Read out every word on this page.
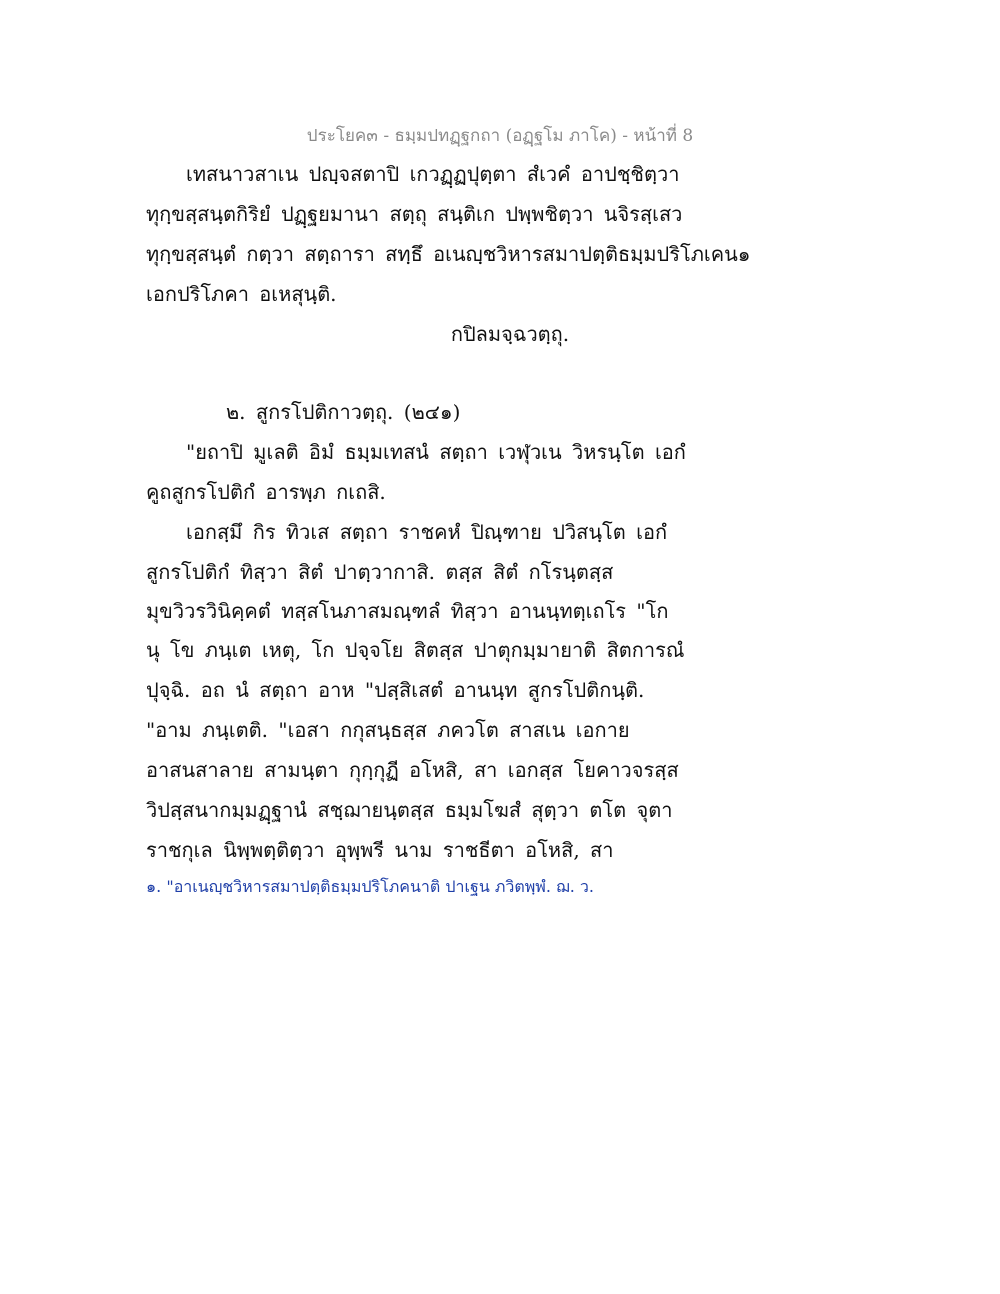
ประโยค๓ - ธมฺมปทฏฺฐกถา (อฏฺฐโม ภาโค) - หน้าที่ 8
เทสนาวสาเน ปญฺจสตาปิ เกวฏฺฏปุตฺตา สํเวคํ อาปชฺชิตฺวา
ทุกฺขสฺสนฺตกิริยํ ปฏฺฐยมานา สตฺถุ สนฺติเก ปพฺพชิตฺวา นจิรสฺเสว
ทุกฺขสฺสนฺตํ กตฺวา สตฺถารา สทฺธึ อเนญฺชวิหารสมาปตฺติธมฺมปริโภเคน๑
เอกปริโภคา อเหสุนฺติ.
กปิลมจฺฉวตฺถุ.
๒. สูกรโปติกาวตฺถุ. (๒๔๑)
"ยถาปิ มูเลติ อิมํ ธมฺมเทสนํ สตฺถา เวฬุวเน วิหรนฺโต เอกํ
คูถสูกรโปติกํ อารพฺภ กเถสิ.
เอกสฺมึ กิร ทิวเส สตฺถา ราชคหํ ปิณฺฑาย ปวิสนฺโต เอกํ
สูกรโปติกํ ทิสฺวา สิตํ ปาตฺวากาสิ. ตสฺส สิตํ กโรนฺตสฺส
มุขวิวรวินิคฺคตํ ทสฺสโนภาสมณฺฑลํ ทิสฺวา อานนฺทตฺเถโร "โก
นุ โข ภนฺเต เหตุ, โก ปจฺจโย สิตสฺส ปาตุกมฺมายาติ สิตการณํ
ปุจฺฉิ. อถ นํ สตฺถา อาห "ปสฺสิเสตํ อานนฺท สูกรโปติกนฺติ.
"อาม ภนฺเตติ. "เอสา กกุสนฺธสฺส ภควโต สาสเน เอกาย
อาสนสาลาย สามนฺตา กุกฺกุฏี อโหสิ, สา เอกสฺส โยคาวจรสฺส
วิปสฺสนากมฺมฏฺฐานํ สชฺฌายนฺตสฺส ธมฺมโฆสํ สุตฺวา ตโต จุตา
ราชกุเล นิพฺพตฺติตฺวา อุพฺพรี นาม ราชธีตา อโหสิ, สา
๑. "อาเนญฺชวิหารสมาปตฺติธมฺมปริโภคนาติ ปาเฐน ภวิตพฺพํ. ฌ. ว.
